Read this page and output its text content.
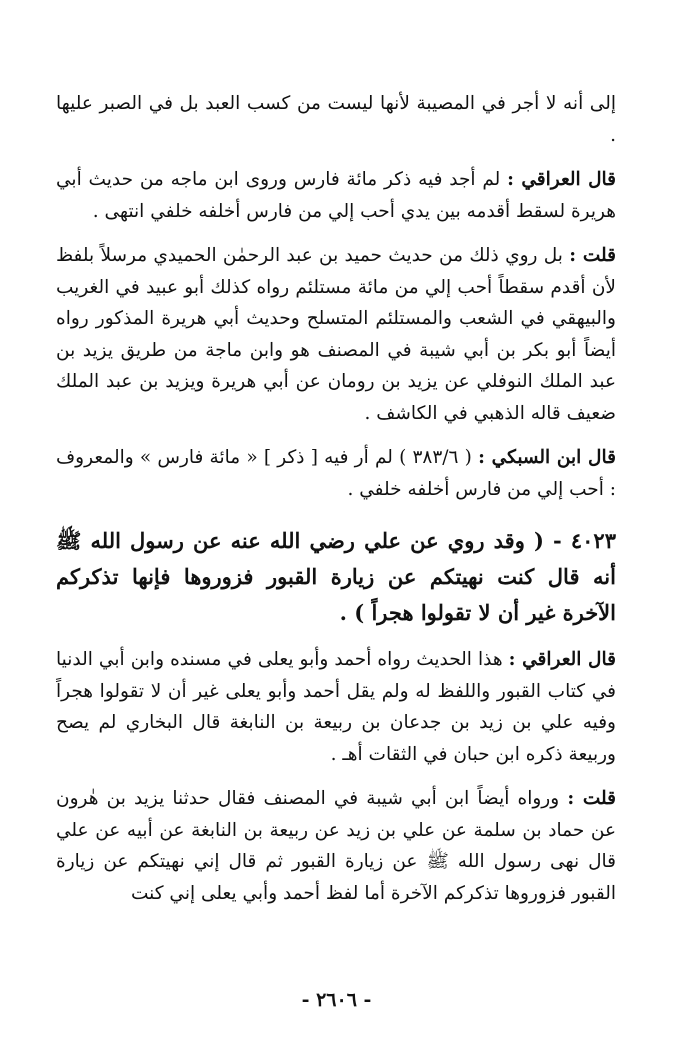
إلى أنه لا أجر في المصيبة لأنها ليست من كسب العبد بل في الصبر عليها .

قال العراقي : لم أجد فيه ذكر مائة فارس وروى ابن ماجه من حديث أبي هريرة لسقط أقدمه بين يدي أحب إلي من فارس أخلفه خلفي انتهى .

قلت : بل روي ذلك من حديث حميد بن عبد الرحمٰن الحميدي مرسلاً بلفظ لأن أقدم سقطاً أحب إلي من مائة مستلئم رواه كذلك أبو عبيد في الغريب والبيهقي في الشعب والمستلئم المتسلح وحديث أبي هريرة المذكور رواه أيضاً أبو بكر بن أبي شيبة في المصنف هو وابن ماجة من طريق يزيد بن عبد الملك النوفلي عن يزيد بن رومان عن أبي هريرة ويزيد بن عبد الملك ضعيف قاله الذهبي في الكاشف .

قال ابن السبكي : ( ٣٨٣/٦ ) لم أر فيه [ ذكر ] « مائة فارس » والمعروف : أحب إلي من فارس أخلفه خلفي .

٤٠٢٣ - ( وقد روي عن علي رضي الله عنه عن رسول الله ﷺ أنه قال كنت نهيتكم عن زيارة القبور فزوروها فإنها تذكركم الآخرة غير أن لا تقولوا هجراً ) .

قال العراقي : هذا الحديث رواه أحمد وأبو يعلى في مسنده وابن أبي الدنيا في كتاب القبور واللفظ له ولم يقل أحمد وأبو يعلى غير أن لا تقولوا هجراً وفيه علي بن زيد بن جدعان بن ربيعة بن النابغة قال البخاري لم يصح وربيعة ذكره ابن حبان في الثقات أهـ .

قلت : ورواه أيضاً ابن أبي شيبة في المصنف فقال حدثنا يزيد بن هٰرون عن حماد بن سلمة عن علي بن زيد عن ربيعة بن النابغة عن أبيه عن علي قال نهى رسول الله ﷺ عن زيارة القبور ثم قال إني نهيتكم عن زيارة القبور فزوروها تذكركم الآخرة أما لفظ أحمد وأبي يعلى إني كنت

- ٢٦٠٦ -
